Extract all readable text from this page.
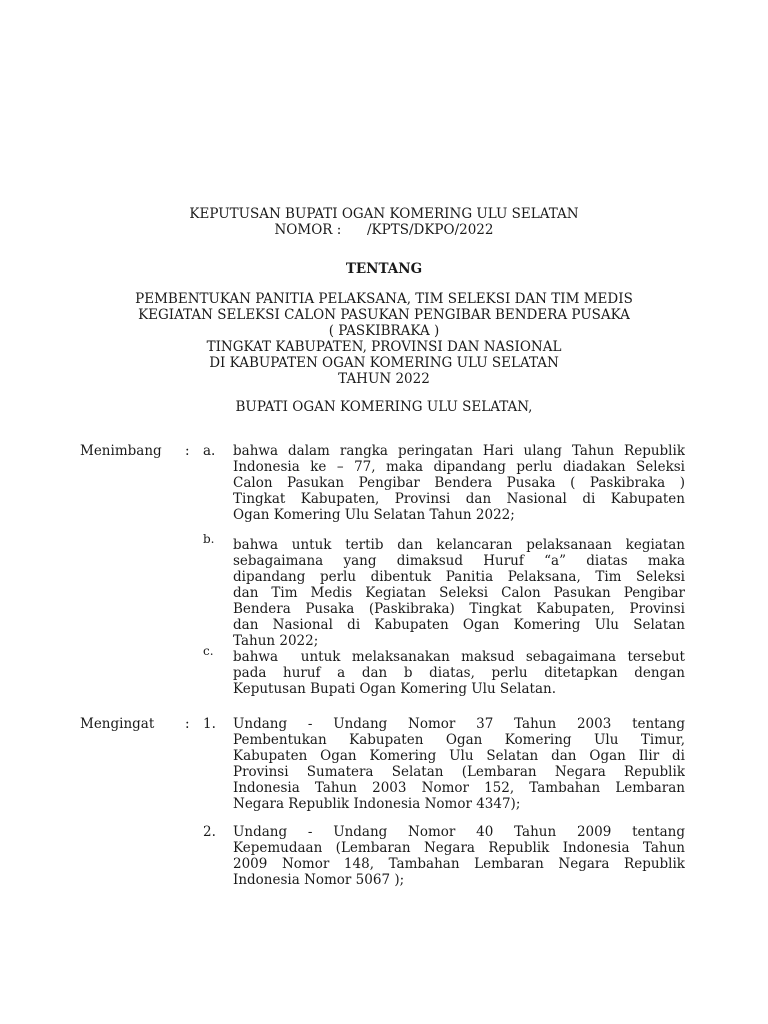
KEPUTUSAN BUPATI OGAN KOMERING ULU SELATAN
NOMOR :      /KPTS/DKPO/2022
TENTANG
PEMBENTUKAN PANITIA PELAKSANA, TIM SELEKSI DAN TIM MEDIS
KEGIATAN SELEKSI CALON PASUKAN PENGIBAR BENDERA PUSAKA
( PASKIBRAKA )
TINGKAT KABUPATEN, PROVINSI DAN NASIONAL
DI KABUPATEN OGAN KOMERING ULU SELATAN
TAHUN 2022
BUPATI OGAN KOMERING ULU SELATAN,
Menimbang : a. bahwa dalam rangka peringatan Hari ulang Tahun Republik
Indonesia ke – 77, maka dipandang perlu diadakan Seleksi
Calon Pasukan Pengibar Bendera Pusaka ( Paskibraka )
Tingkat Kabupaten, Provinsi dan Nasional di Kabupaten
Ogan Komering Ulu Selatan Tahun 2022;
b. bahwa untuk tertib dan kelancaran pelaksanaan kegiatan
sebagaimana yang dimaksud Huruf “a” diatas maka
dipandang perlu dibentuk Panitia Pelaksana, Tim Seleksi
dan Tim Medis Kegiatan Seleksi Calon Pasukan Pengibar
Bendera Pusaka (Paskibraka) Tingkat Kabupaten, Provinsi
dan Nasional di Kabupaten Ogan Komering Ulu Selatan
Tahun 2022;
c. bahwa  untuk melaksanakan maksud sebagaimana tersebut
pada huruf a dan b diatas, perlu ditetapkan dengan
Keputusan Bupati Ogan Komering Ulu Selatan.
Mengingat : 1. Undang - Undang Nomor 37 Tahun 2003 tentang
Pembentukan Kabupaten Ogan Komering Ulu Timur,
Kabupaten Ogan Komering Ulu Selatan dan Ogan Ilir di
Provinsi Sumatera Selatan (Lembaran Negara Republik
Indonesia Tahun 2003 Nomor 152, Tambahan Lembaran
Negara Republik Indonesia Nomor 4347);
2. Undang - Undang Nomor 40 Tahun 2009 tentang
Kepemudaan (Lembaran Negara Republik Indonesia Tahun
2009 Nomor 148, Tambahan Lembaran Negara Republik
Indonesia Nomor 5067 );
